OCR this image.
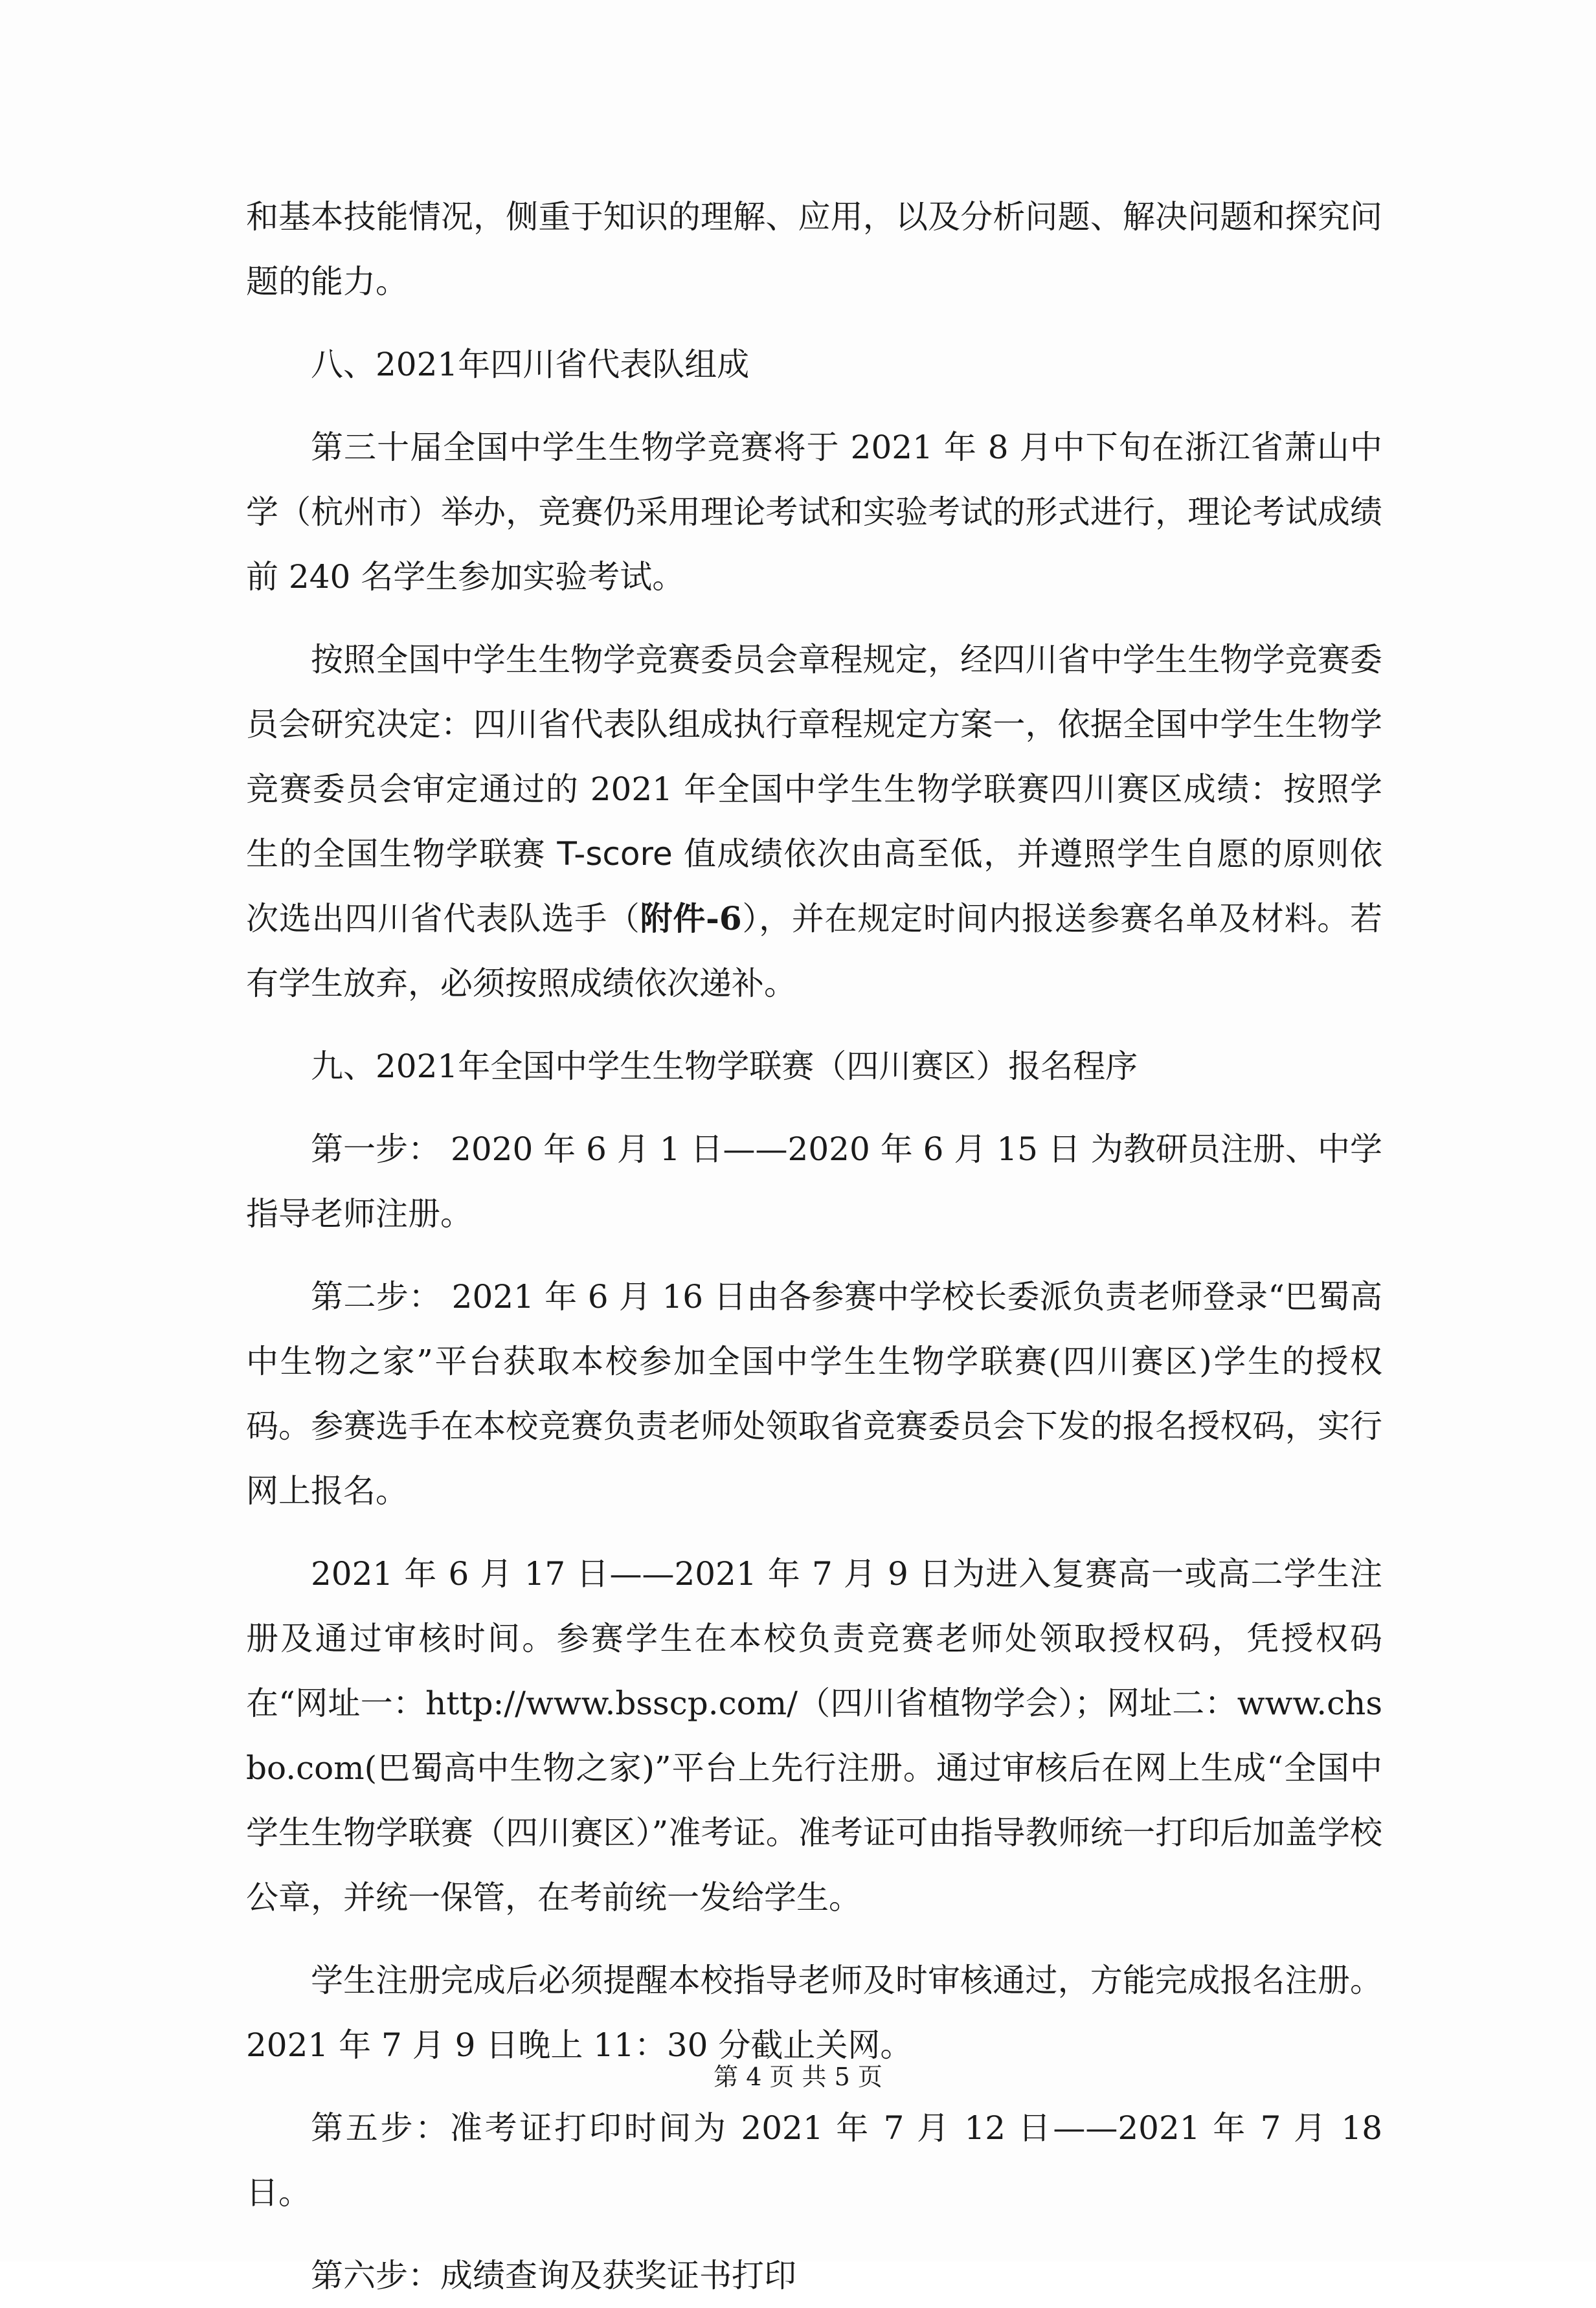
和基本技能情况，侧重于知识的理解、应用，以及分析问题、解决问题和探究问题的能力。

八、2021年四川省代表队组成

第三十届全国中学生生物学竞赛将于 2021 年 8 月中下旬在浙江省萧山中学（杭州市）举办，竞赛仍采用理论考试和实验考试的形式进行，理论考试成绩前 240 名学生参加实验考试。

按照全国中学生生物学竞赛委员会章程规定，经四川省中学生生物学竞赛委员会研究决定：四川省代表队组成执行章程规定方案一，依据全国中学生生物学竞赛委员会审定通过的 2021 年全国中学生生物学联赛四川赛区成绩：按照学生的全国生物学联赛 T-score 值成绩依次由高至低，并遵照学生自愿的原则依次选出四川省代表队选手（附件-6），并在规定时间内报送参赛名单及材料。若有学生放弃，必须按照成绩依次递补。

九、2021年全国中学生生物学联赛（四川赛区）报名程序

第一步： 2020 年 6 月 1 日——2020 年 6 月 15 日 为教研员注册、中学指导老师注册。

第二步： 2021 年 6 月 16 日由各参赛中学校长委派负责老师登录“巴蜀高中生物之家”平台获取本校参加全国中学生生物学联赛(四川赛区)学生的授权码。参赛选手在本校竞赛负责老师处领取省竞赛委员会下发的报名授权码，实行网上报名。

2021 年 6 月 17 日——2021 年 7 月 9 日为进入复赛高一或高二学生注册及通过审核时间。参赛学生在本校负责竞赛老师处领取授权码，凭授权码在“网址一：http://www.bsscp.com/（四川省植物学会）；网址二：www.chsbo.com(巴蜀高中生物之家)”平台上先行注册。通过审核后在网上生成“全国中学生生物学联赛（四川赛区）”准考证。准考证可由指导教师统一打印后加盖学校公章，并统一保管，在考前统一发给学生。

学生注册完成后必须提醒本校指导老师及时审核通过，方能完成报名注册。2021 年 7 月 9 日晚上 11：30 分截止关网。

第五步：准考证打印时间为 2021 年 7 月 12 日——2021 年 7 月 18 日。

第六步：成绩查询及获奖证书打印

第 4 页 共 5 页
